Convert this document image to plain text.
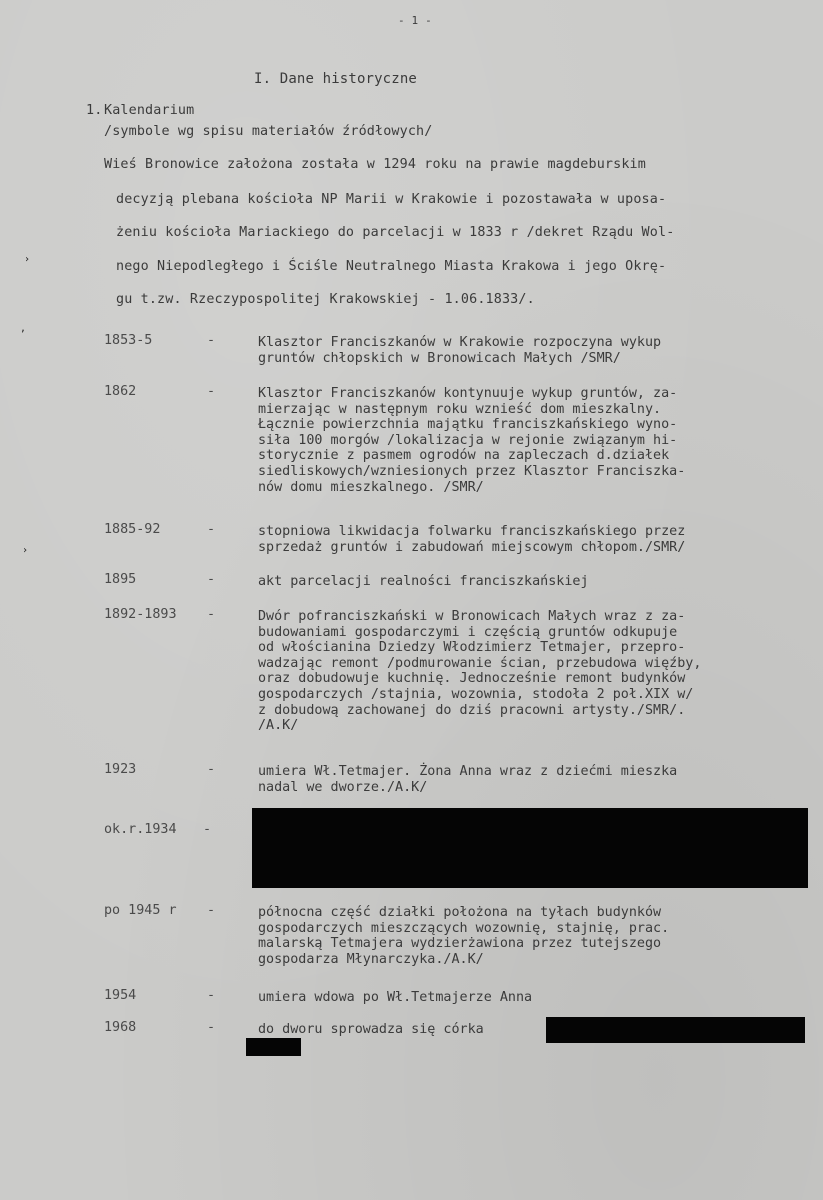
- 1 -
I. Dane historyczne
1. Kalendarium
/symbole wg spisu materiałów źródłowych/
Wieś Bronowice założona została w 1294 roku na prawie magdeburskim
decyzją plebana kościoła NP Marii w Krakowie i pozostawała w uposa-
żeniu kościoła Mariackiego do parcelacji w 1833 r /dekret Rządu Wol-
nego Niepodległego i Ściśle Neutralnego Miasta Krakowa i jego Okrę-
gu t.zw. Rzeczypospolitej Krakowskiej - 1.06.1833/.
1853-5	-	Klasztor Franciszkanów w Krakowie rozpoczyna wykup
gruntów chłopskich w Bronowicach Małych /SMR/
1862	-	Klasztor Franciszkanów kontynuuje wykup gruntów, za-
mierzając w następnym roku wznieść dom mieszkalny.
Łącznie powierzchnia majątku franciszkańskiego wyno-
siła 100 morgów /lokalizacja w rejonie związanym hi-
storycznie z pasmem ogrodów na zapleczach d.działek
siedliskowych/wzniesionych przez Klasztor Franciszka-
nów domu mieszkalnego. /SMR/
1885-92	-	stopniowa likwidacja folwarku franciszkańskiego przez
sprzedaż gruntów i zabudowań miejscowym chłopom./SMR/
1895	-	akt parcelacji realności franciszkańskiej
1892-1893 -	Dwór pofranciszkański w Bronowicach Małych wraz z za-
budowaniami gospodarczymi i częścią gruntów odkupuje
od włościanina Dziedzy Włodzimierz Tetmajer, przepro-
wadzając remont /podmurowanie ścian, przebudowa więźby,
oraz dobudowuje kuchnię. Jednocześnie remont budynków
gospodarczych /stajnia, wozownia, stodoła 2 poł.XIX w/
z dobudową zachowanej do dziś pracowni artysty./SMR/.
/A.K/
1923	-	umiera Wł.Tetmajer. Żona Anna wraz z dziećmi mieszka
nadal we dworze./A.K/
ok.r.1934 -
po 1945 r -	północna część działki położona na tyłach budynków
gospodarczych mieszczących wozownię, stajnię, prac.
malarską Tetmajera wydzierżawiona przez tutejszego
gospodarza Młynarczyka./A.K/
1954	-	umiera wdowa po Wł.Tetmajerze Anna
1968	-	do dworu sprowadza się córka
›
,
›
